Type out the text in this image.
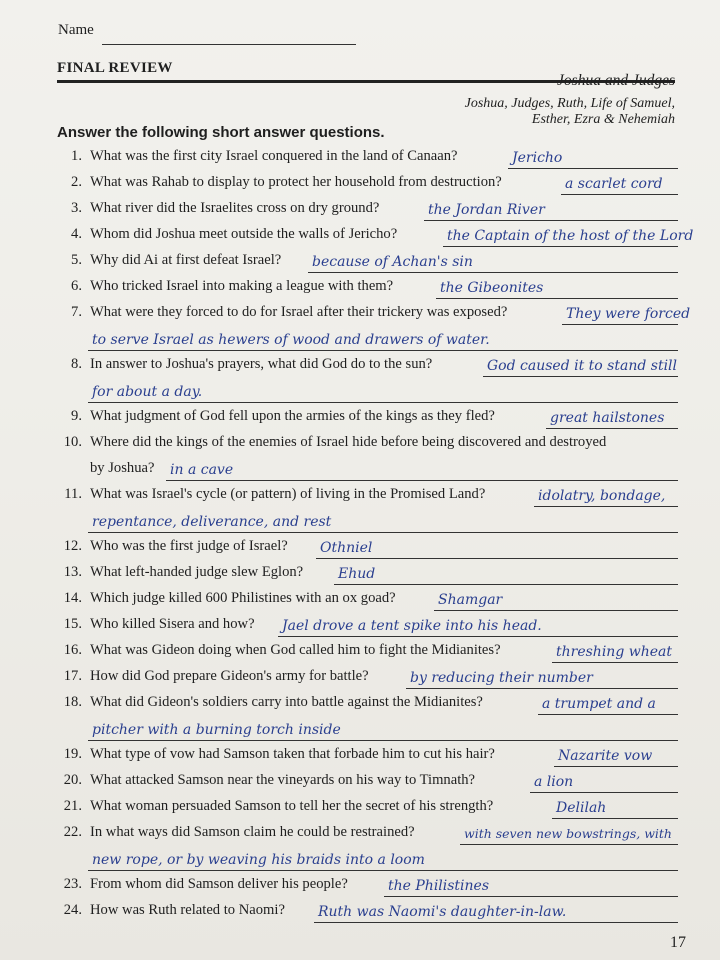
Name
FINAL REVIEW
Joshua and Judges
Joshua, Judges, Ruth, Life of Samuel,
Esther, Ezra & Nehemiah
Answer the following short answer questions.
1. What was the first city Israel conquered in the land of Canaan?	Jericho
2. What was Rahab to display to protect her household from destruction?	a scarlet cord
3. What river did the Israelites cross on dry ground?	the Jordan River
4. Whom did Joshua meet outside the walls of Jericho?	the Captain of the host of the Lord
5. Why did Ai at first defeat Israel? because of Achan's sin
6. Who tricked Israel into making a league with them?	the Gibeonites
7. What were they forced to do for Israel after their trickery was exposed?	They were forced
to serve Israel as hewers of wood and drawers of water.
8. In answer to Joshua's prayers, what did God do to the sun?	God caused it to stand still
for about a day.
9. What judgment of God fell upon the armies of the kings as they fled?	great hailstones
10. Where did the kings of the enemies of Israel hide before being discovered and destroyed
by Joshua? in a cave
11. What was Israel's cycle (or pattern) of living in the Promised Land?	idolatry, bondage,
repentance, deliverance, and rest
12. Who was the first judge of Israel? Othniel
13. What left-handed judge slew Eglon? Ehud
14. Which judge killed 600 Philistines with an ox goad?	Shamgar
15. Who killed Sisera and how? Jael drove a tent spike into his head.
16. What was Gideon doing when God called him to fight the Midianites?	threshing wheat
17. How did God prepare Gideon's army for battle?	by reducing their number
18. What did Gideon's soldiers carry into battle against the Midianites?	a trumpet and a
pitcher with a burning torch inside
19. What type of vow had Samson taken that forbade him to cut his hair?	Nazarite vow
20. What attacked Samson near the vineyards on his way to Timnath?	a lion
21. What woman persuaded Samson to tell her the secret of his strength?	Delilah
22. In what ways did Samson claim he could be restrained?	with seven new bowstrings, with
new rope, or by weaving his braids into a loom
23. From whom did Samson deliver his people?	the Philistines
24. How was Ruth related to Naomi? Ruth was Naomi's daughter-in-law.
17
